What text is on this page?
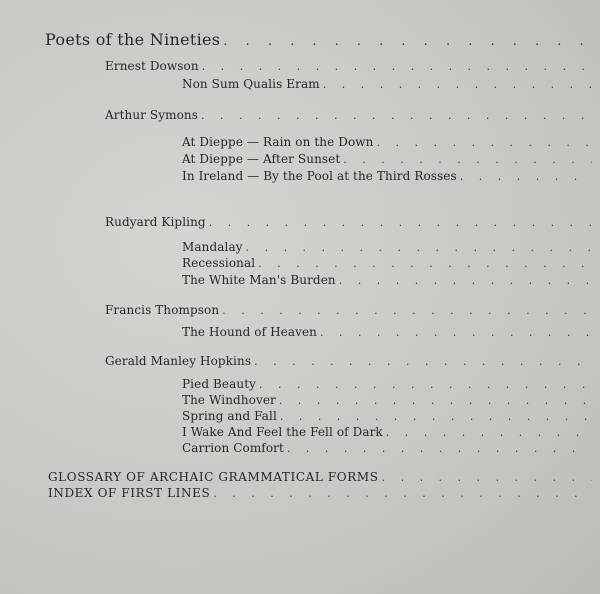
Poets of the Nineties
. . .
Ernest Dowson
. . .
Non Sum Qualis Eram
. . .
Arthur Symons
. . .
At Dieppe — Rain on the Down
. . .
At Dieppe — After Sunset
. . .
In Ireland — By the Pool at the Third Rosses
. . .
Rudyard Kipling
. . .
Mandalay
. . .
Recessional
. . .
The White Man's Burden
. . .
Francis Thompson
. . .
The Hound of Heaven
. . .
Gerald Manley Hopkins
. . .
Pied Beauty
. . .
The Windhover
. . .
Spring and Fall
. . .
I Wake And Feel the Fell of Dark
. . .
Carrion Comfort
. . .
GLOSSARY OF ARCHAIC GRAMMATICAL FORMS
. . .
INDEX OF FIRST LINES
. . .
